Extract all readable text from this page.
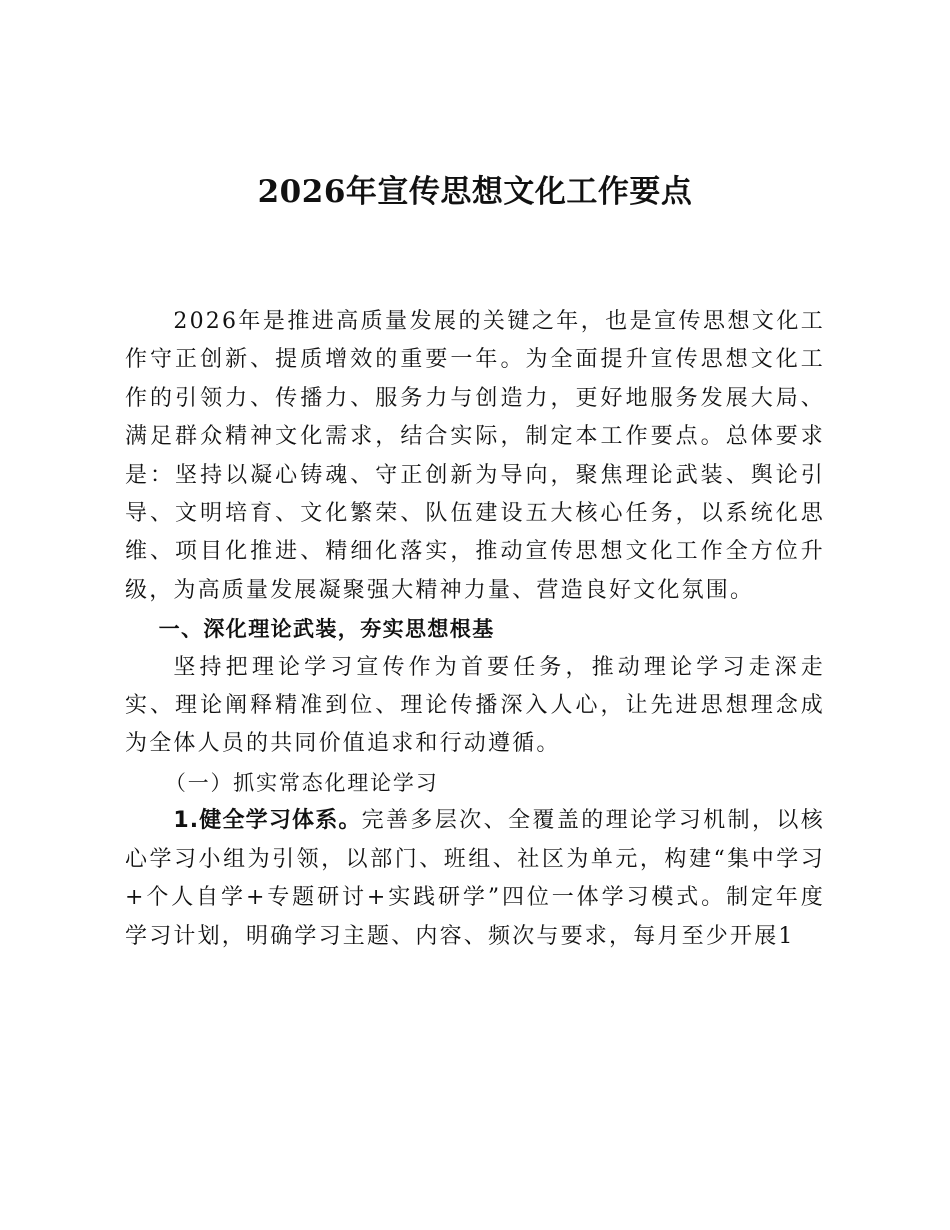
2026年宣传思想文化工作要点

2026年是推进高质量发展的关键之年，也是宣传思想文化工作守正创新、提质增效的重要一年。为全面提升宣传思想文化工作的引领力、传播力、服务力与创造力，更好地服务发展大局、满足群众精神文化需求，结合实际，制定本工作要点。总体要求是：坚持以凝心铸魂、守正创新为导向，聚焦理论武装、舆论引导、文明培育、文化繁荣、队伍建设五大核心任务，以系统化思维、项目化推进、精细化落实，推动宣传思想文化工作全方位升级，为高质量发展凝聚强大精神力量、营造良好文化氛围。

一、深化理论武装，夯实思想根基

坚持把理论学习宣传作为首要任务，推动理论学习走深走实、理论阐释精准到位、理论传播深入人心，让先进思想理念成为全体人员的共同价值追求和行动遵循。

（一）抓实常态化理论学习

1.健全学习体系。完善多层次、全覆盖的理论学习机制，以核心学习小组为引领，以部门、班组、社区为单元，构建“集中学习+个人自学+专题研讨+实践研学”四位一体学习模式。制定年度学习计划，明确学习主题、内容、频次与要求，每月至少开展1
